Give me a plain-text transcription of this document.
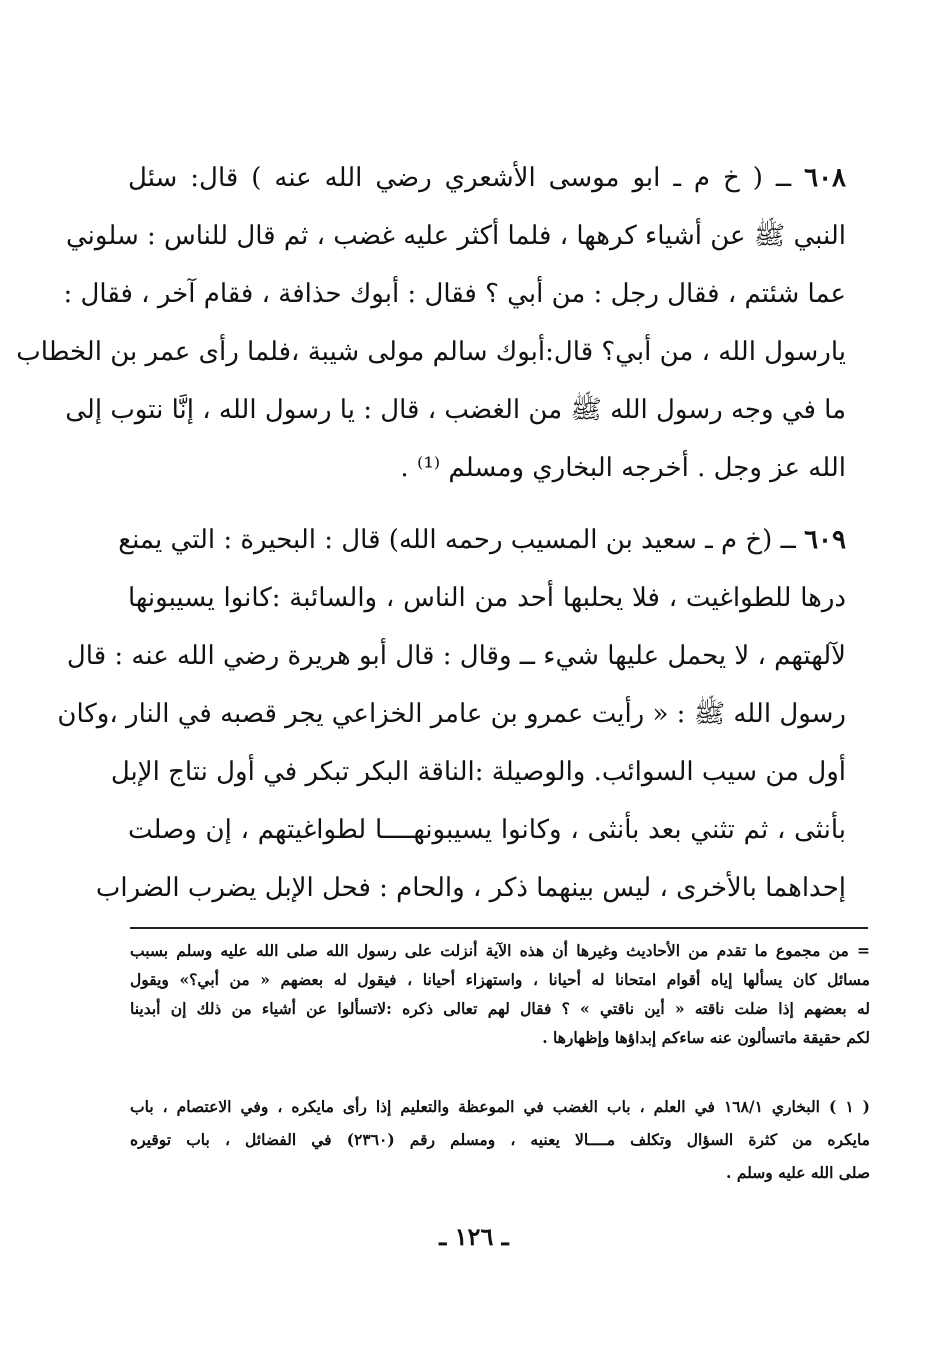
٦٠٨ ــ ( خ م ـ ابو موسى الأشعري رضي الله عنه ) قال: سئل
النبي ﷺ عن أشياء كرهها ، فلما أكثر عليه غضب ، ثم قال للناس : سلوني
عما شئتم ، فقال رجل : من أبي ؟ فقال : أبوك حذافة ، فقام آخر ، فقال :
يارسول الله ، من أبي؟ قال:أبوك سالم مولى شيبة ،فلما رأى عمر بن الخطاب
ما في وجه رسول الله ﷺ من الغضب ، قال : يا رسول الله ، إنَّا نتوب إلى
الله عز وجل . أخرجه البخاري ومسلم ⁽¹⁾ .
٦٠٩ ــ (خ م ـ سعيد بن المسيب رحمه الله) قال : البحيرة : التي يمنع
درها للطواغيت ، فلا يحلبها أحد من الناس ، والسائبة :كانوا يسيبونها
لآلهتهم ، لا يحمل عليها شيء ــ وقال : قال أبو هريرة رضي الله عنه : قال
رسول الله ﷺ : « رأيت عمرو بن عامر الخزاعي يجر قصبه في النار ،وكان
أول من سيب السوائب. والوصيلة :الناقة البكر تبكر في أول نتاج الإبل
بأنثى ، ثم تثني بعد بأنثى ، وكانوا يسيبونهــــا لطواغيتهم ، إن وصلت
إحداهما بالأخرى ، ليس بينهما ذكر ، والحام : فحل الإبل يضرب الضراب
= من مجموع ما تقدم من الأحاديث وغيرها أن هذه الآية أنزلت على رسول الله صلى الله عليه وسلم بسبب
مسائل كان يسألها إياه أقوام امتحانا له أحيانا ، واستهزاء أحيانا ، فيقول له بعضهم « من أبي؟» ويقول
له بعضهم إذا ضلت ناقته « أين ناقتي » ؟ فقال لهم تعالى ذكره :لاتسألوا عن أشياء من ذلك إن أبدينا
لكم حقيقة ماتسألون عنه ساءكم إبداؤها وإظهارها .
( ١ ) البخاري ١٦٨/١ في العلم ، باب الغضب في الموعظة والتعليم إذا رأى مايكره ، وفي الاعتصام ، باب
مايكره من كثرة السؤال وتكلف مــــالا يعنيه ، ومسلم رقم (٢٣٦٠) في الفضائل ، باب توقيره
صلى الله عليه وسلم .
ـ ١٢٦ ـ
